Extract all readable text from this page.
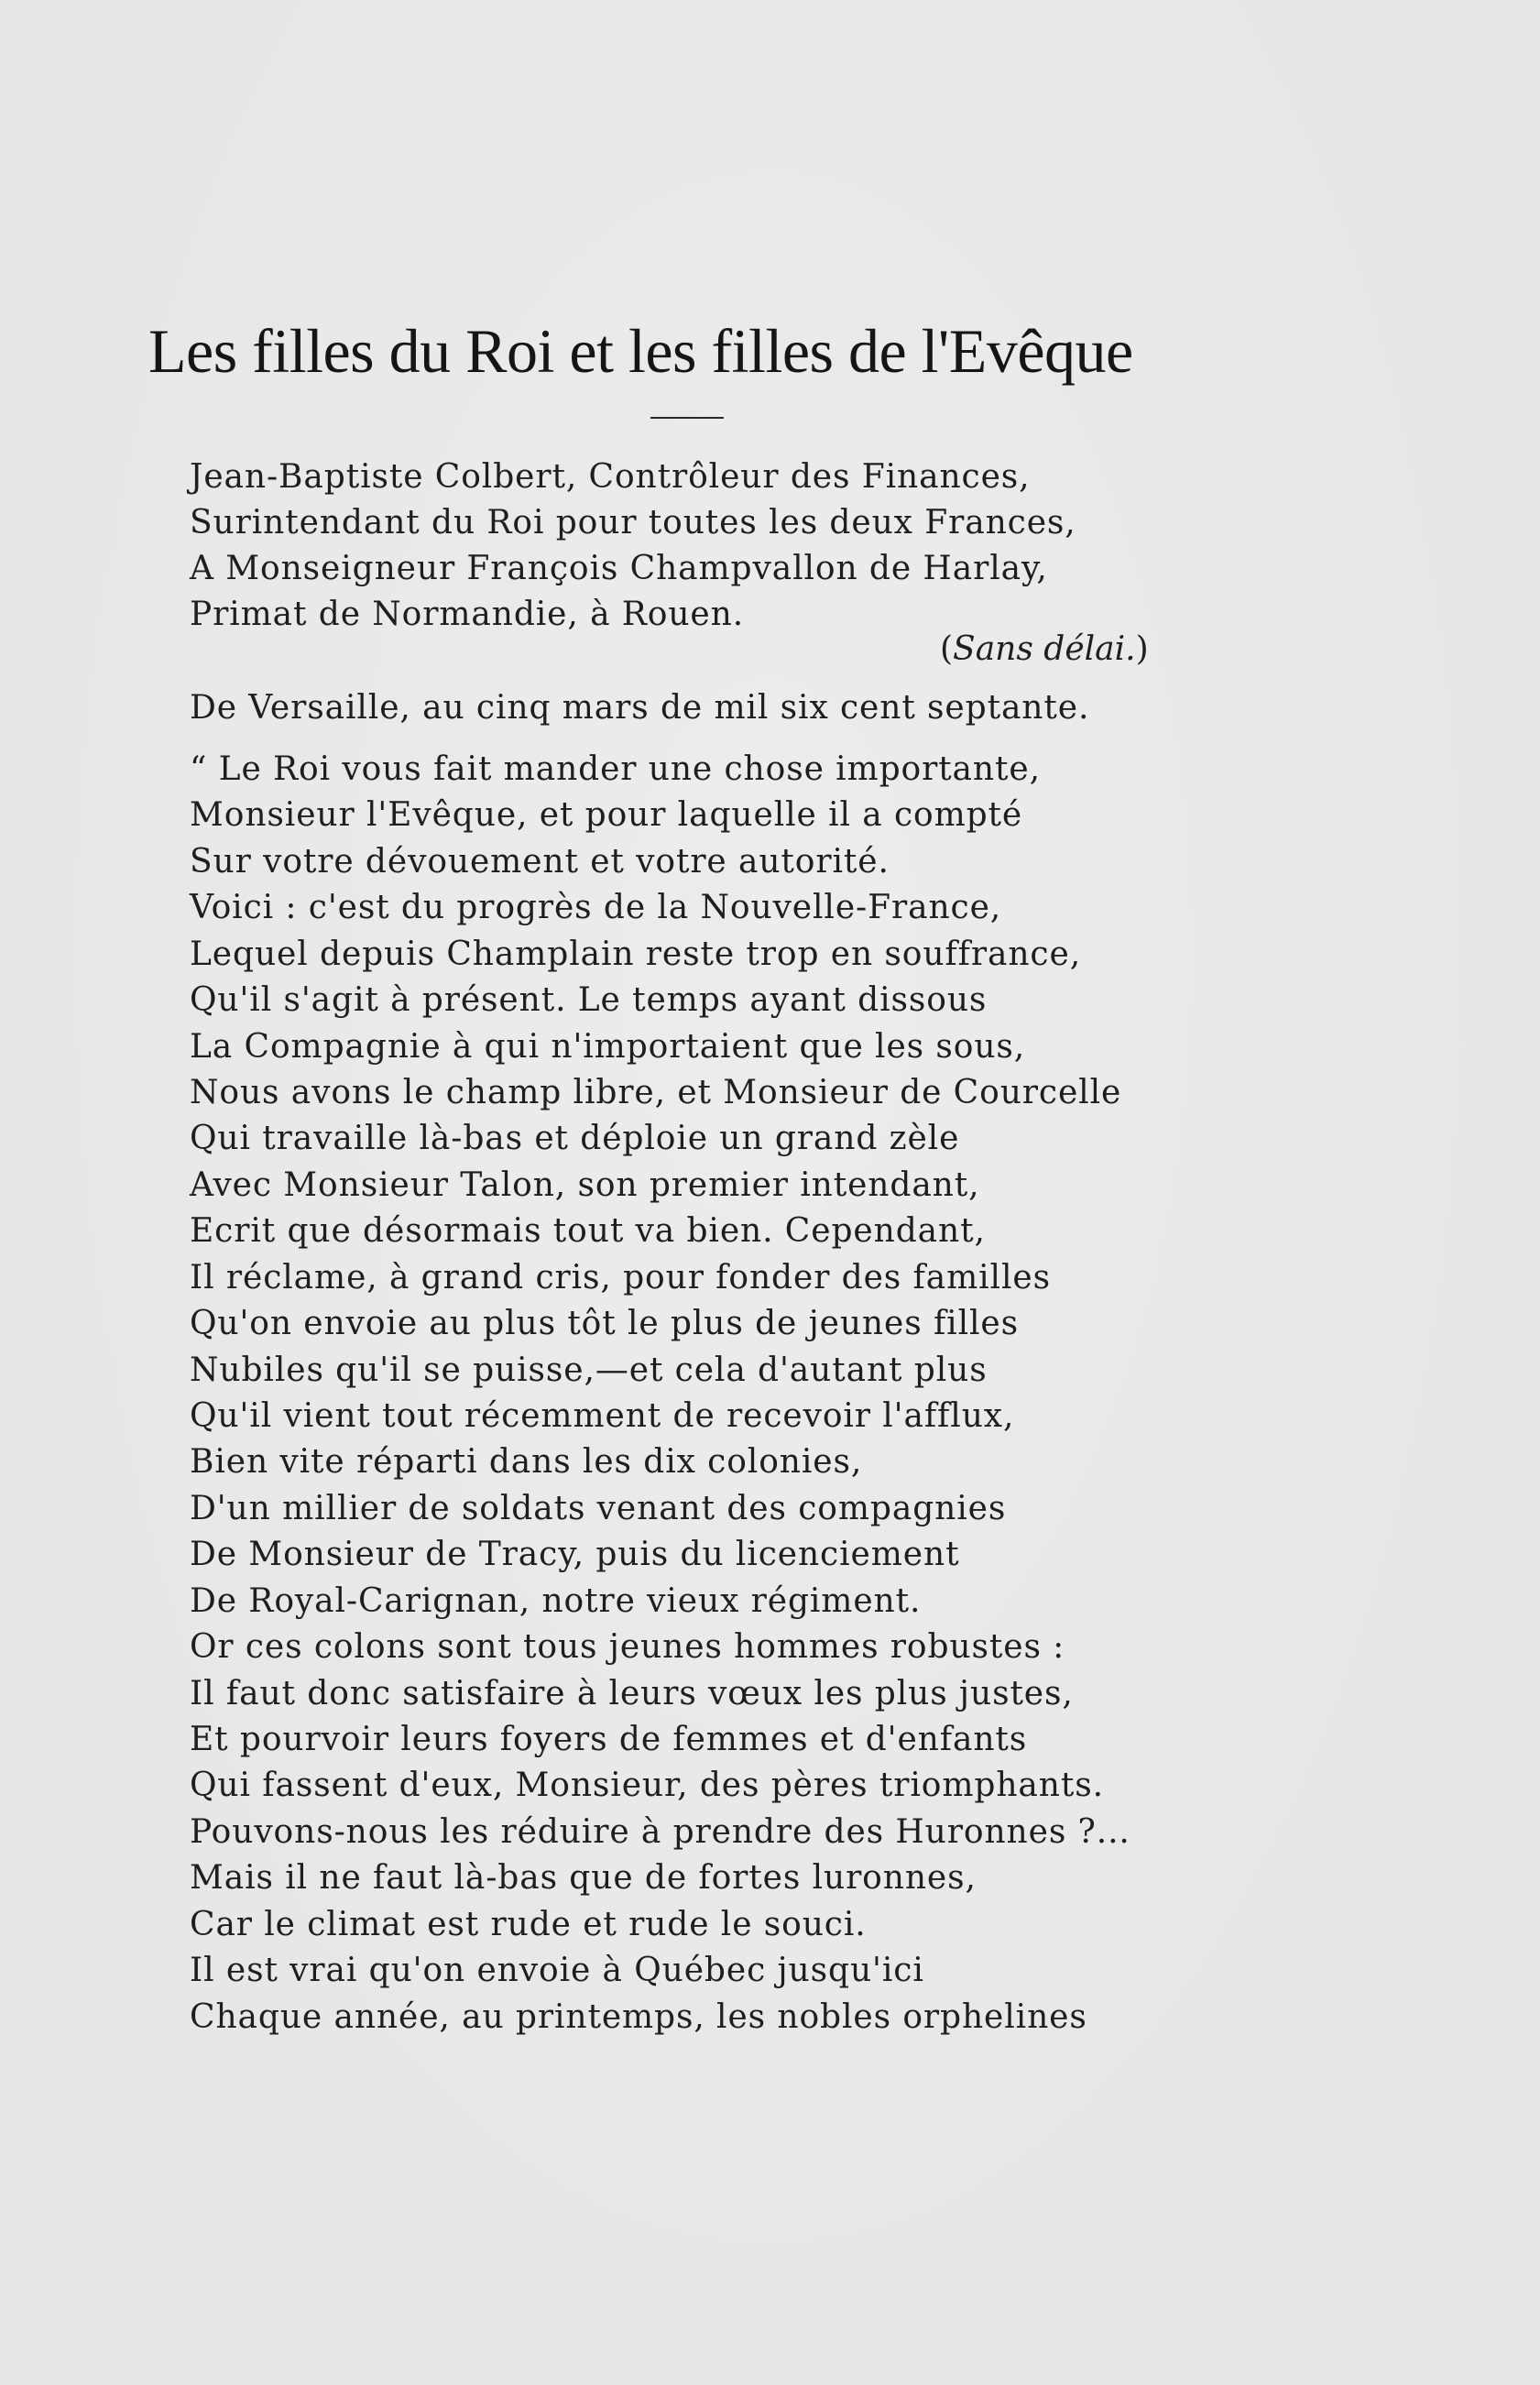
Les filles du Roi et les filles de l'Evêque

Jean-Baptiste Colbert, Contrôleur des Finances,

Surintendant du Roi pour toutes les deux Frances,

A Monseigneur François Champvallon de Harlay,

Primat de Normandie, à Rouen.

(Sans délai.)

De Versaille, au cinq mars de mil six cent septante.

“ Le Roi vous fait mander une chose importante,

Monsieur l'Evêque, et pour laquelle il a compté

Sur votre dévouement et votre autorité.

Voici : c'est du progrès de la Nouvelle-France,

Lequel depuis Champlain reste trop en souffrance,

Qu'il s'agit à présent. Le temps ayant dissous

La Compagnie à qui n'importaient que les sous,

Nous avons le champ libre, et Monsieur de Courcelle

Qui travaille là-bas et déploie un grand zèle

Avec Monsieur Talon, son premier intendant,

Ecrit que désormais tout va bien. Cependant,

Il réclame, à grand cris, pour fonder des familles

Qu'on envoie au plus tôt le plus de jeunes filles

Nubiles qu'il se puisse,—et cela d'autant plus

Qu'il vient tout récemment de recevoir l'afflux,

Bien vite réparti dans les dix colonies,

D'un millier de soldats venant des compagnies

De Monsieur de Tracy, puis du licenciement

De Royal-Carignan, notre vieux régiment.

Or ces colons sont tous jeunes hommes robustes :

Il faut donc satisfaire à leurs vœux les plus justes,

Et pourvoir leurs foyers de femmes et d'enfants

Qui fassent d'eux, Monsieur, des pères triomphants.

Pouvons-nous les réduire à prendre des Huronnes ?...

Mais il ne faut là-bas que de fortes luronnes,

Car le climat est rude et rude le souci.

Il est vrai qu'on envoie à Québec jusqu'ici

Chaque année, au printemps, les nobles orphelines
